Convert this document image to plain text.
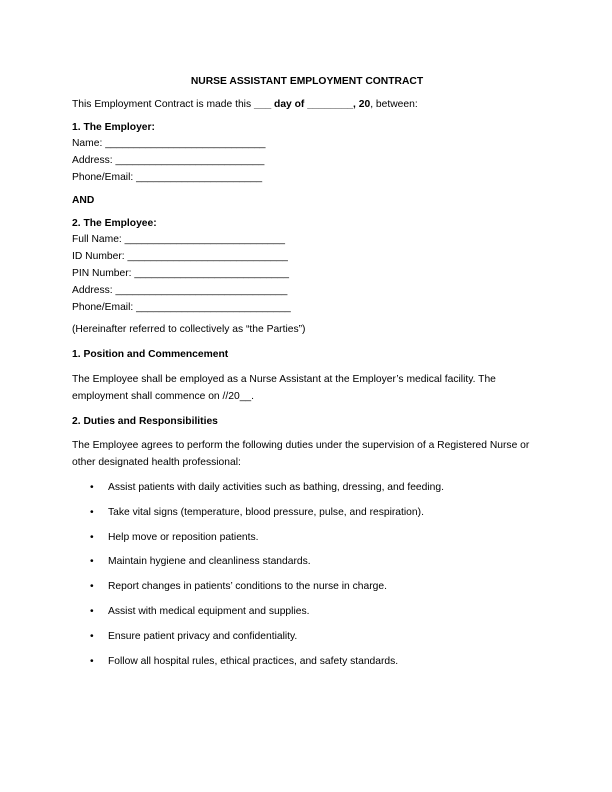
NURSE ASSISTANT EMPLOYMENT CONTRACT

This Employment Contract is made this ___ day of ________, 20, between:

1. The Employer:

Name: ____________________________

Address: __________________________

Phone/Email: ______________________

AND

2. The Employee:

Full Name: ____________________________

ID Number: ____________________________

PIN Number: ___________________________

Address: ______________________________

Phone/Email: ___________________________

(Hereinafter referred to collectively as “the Parties”)

1. Position and Commencement

The Employee shall be employed as a Nurse Assistant at the Employer’s medical facility. The employment shall commence on //20__.

2. Duties and Responsibilities

The Employee agrees to perform the following duties under the supervision of a Registered Nurse or other designated health professional:

• Assist patients with daily activities such as bathing, dressing, and feeding.
• Take vital signs (temperature, blood pressure, pulse, and respiration).
• Help move or reposition patients.
• Maintain hygiene and cleanliness standards.
• Report changes in patients’ conditions to the nurse in charge.
• Assist with medical equipment and supplies.
• Ensure patient privacy and confidentiality.
• Follow all hospital rules, ethical practices, and safety standards.
